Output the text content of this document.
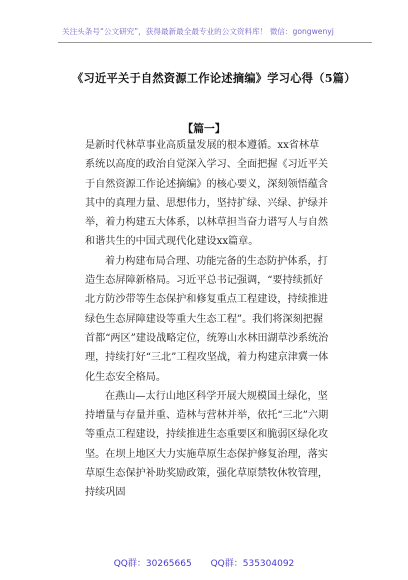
关注头条号“公文研究”，获得最新最全最专业的公文资料库！ 微信：gongwenyj
《习近平关于自然资源工作论述摘编》学习心得（5篇）
【篇一】

是新时代林草事业高质量发展的根本遵循。xx省林草系统以高度的政治自觉深入学习、全面把握《习近平关于自然资源工作论述摘编》的核心要义，深刻领悟蕴含其中的真理力量、思想伟力，坚持扩绿、兴绿、护绿并举，着力构建五大体系，以林草担当奋力谱写人与自然和谐共生的中国式现代化建设xx篇章。

着力构建布局合理、功能完备的生态防护体系，打造生态屏障新格局。习近平总书记强调，“要持续抓好北方防沙带等生态保护和修复重点工程建设，持续推进绿色生态屏障建设等重大生态工程”。我们将深刻把握首都“两区”建设战略定位，统筹山水林田湖草沙系统治理，持续打好“三北”工程攻坚战，着力构建京津冀一体化生态安全格局。

在燕山—太行山地区科学开展大规模国土绿化，坚持增量与存量并重、造林与营林并举，依托“三北”六期等重点工程建设，持续推进生态重要区和脆弱区绿化攻坚。在坝上地区大力实施草原生态保护修复治理，落实草原生态保护补助奖励政策，强化草原禁牧休牧管理，持续巩固

QQ群：30265665 QQ群：535304092
